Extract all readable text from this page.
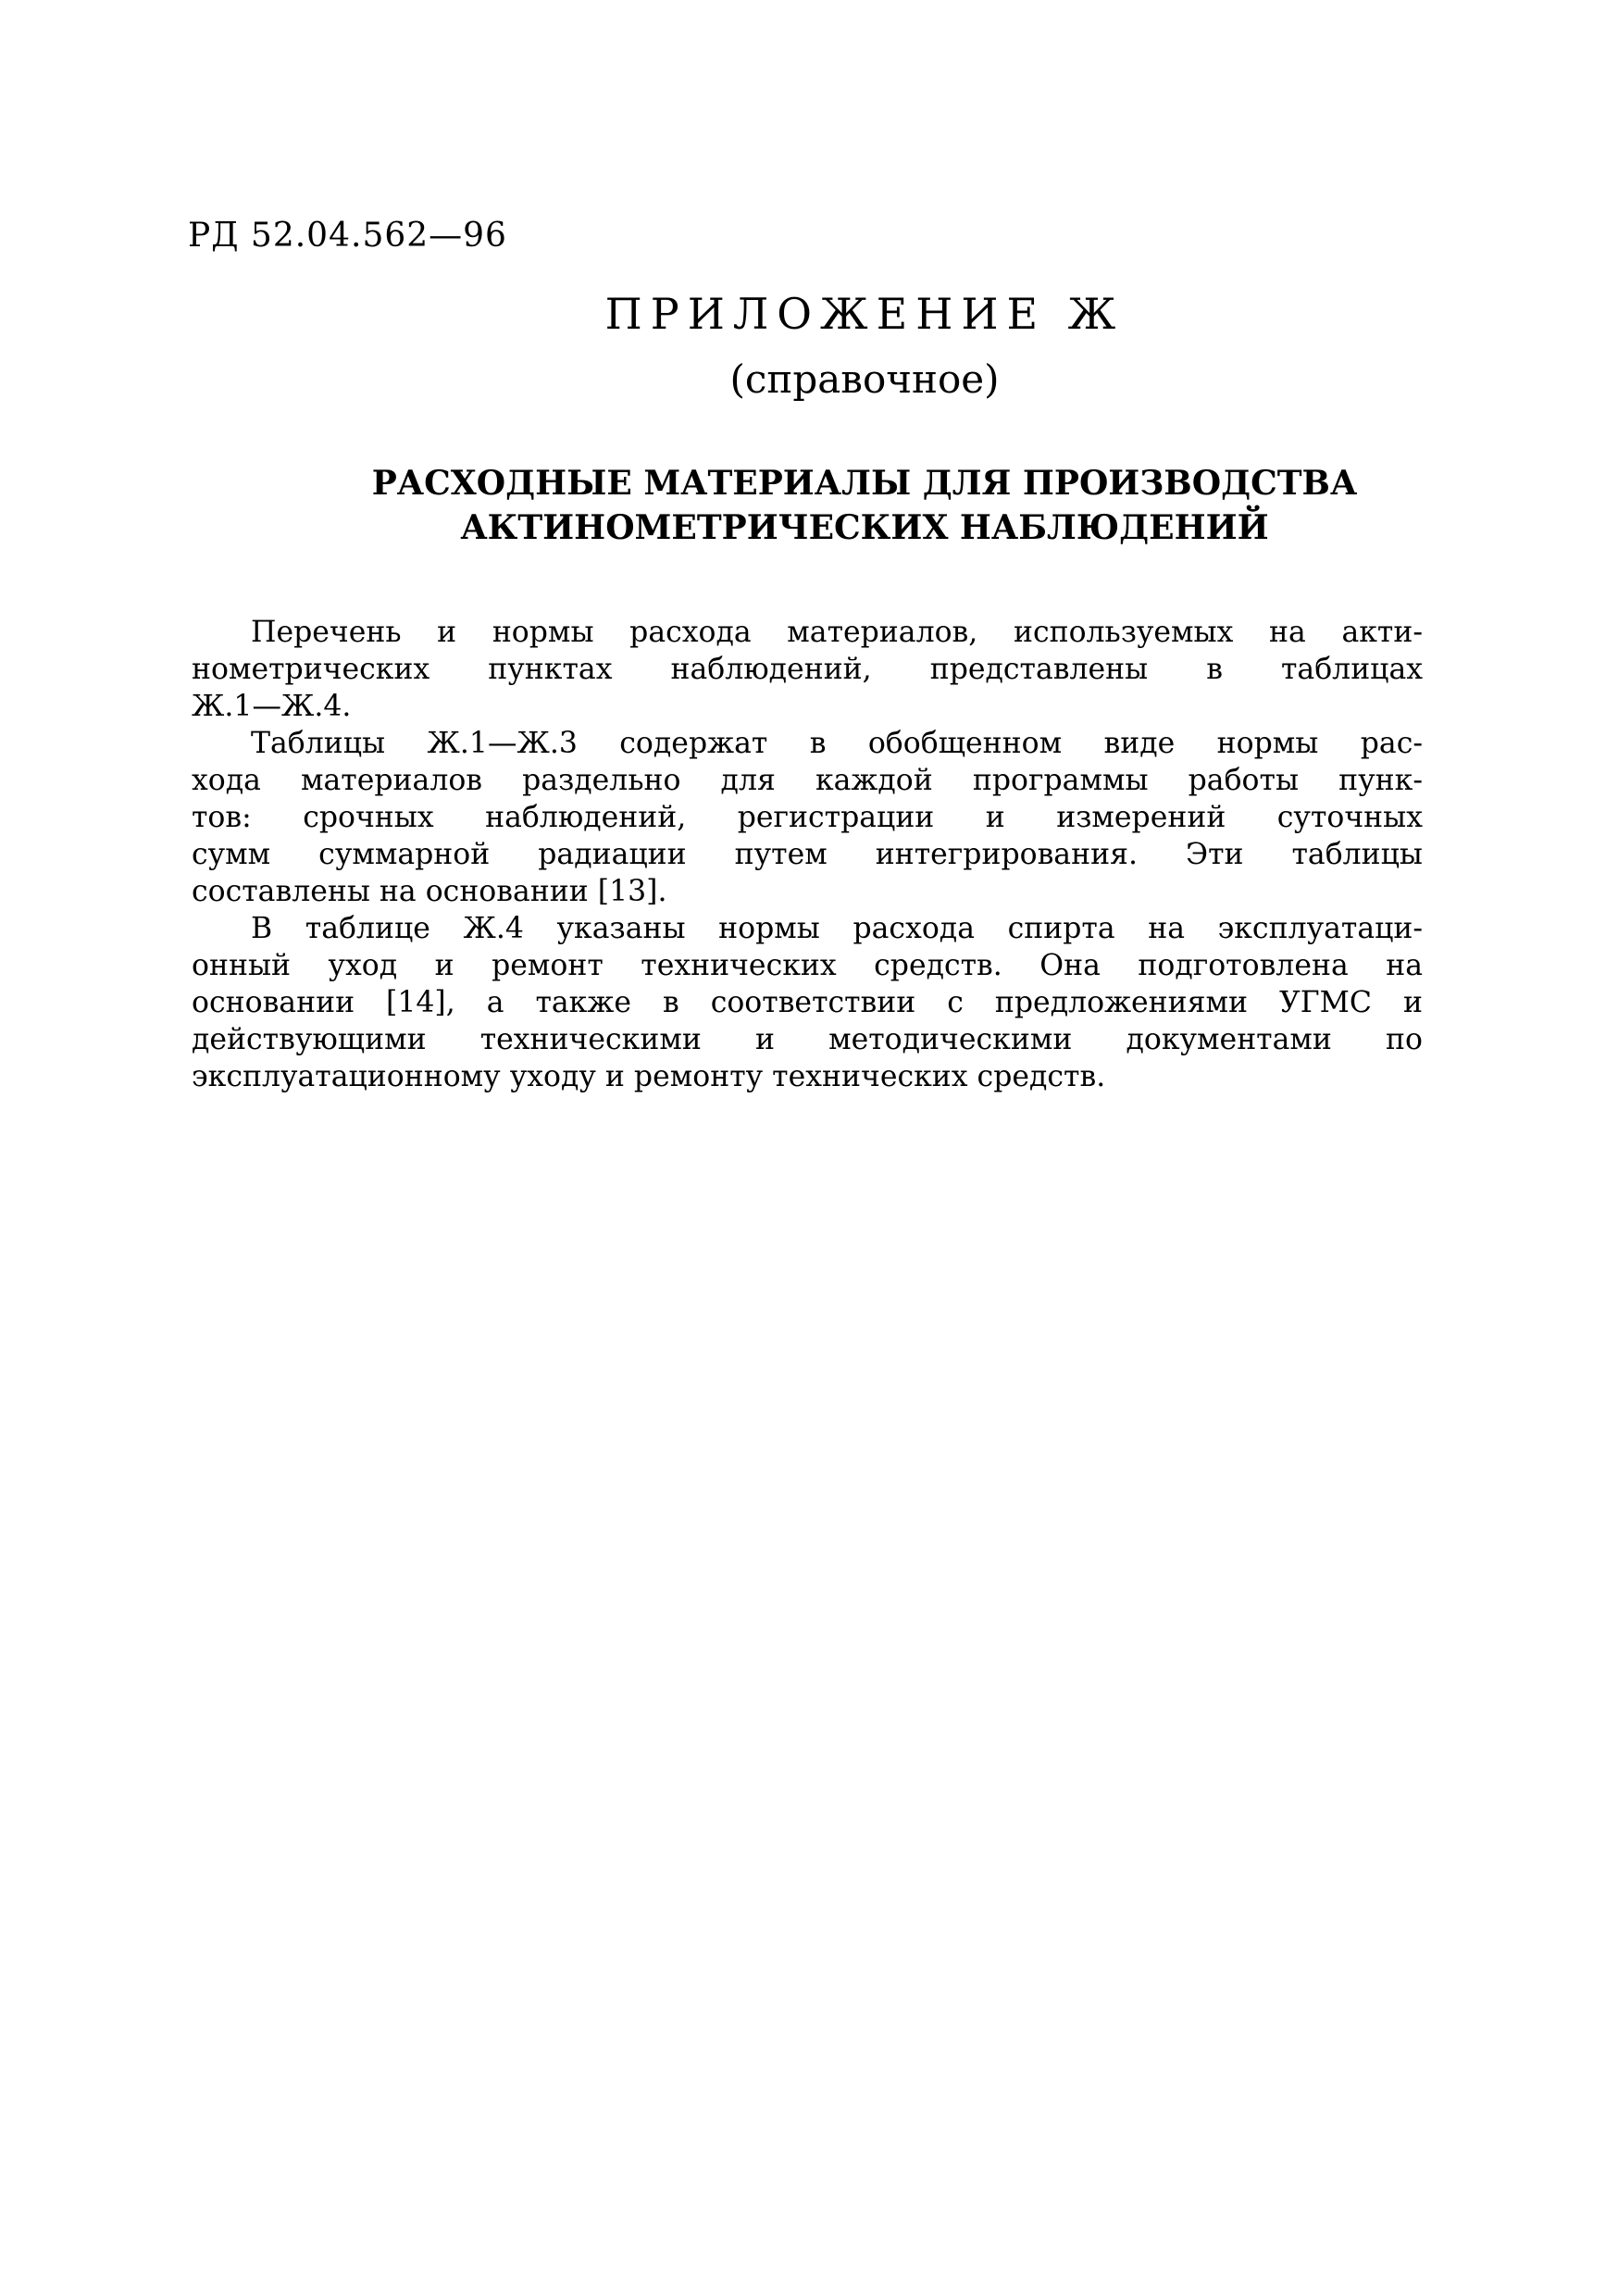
РД 52.04.562—96
ПРИЛОЖЕНИЕ Ж
(справочное)
РАСХОДНЫЕ МАТЕРИАЛЫ ДЛЯ ПРОИЗВОДСТВА
АКТИНОМЕТРИЧЕСКИХ НАБЛЮДЕНИЙ
Перечень и нормы расхода материалов, используемых на акти-
нометрических пунктах наблюдений, представлены в таблицах
Ж.1—Ж.4.
Таблицы Ж.1—Ж.3 содержат в обобщенном виде нормы рас-
хода материалов раздельно для каждой программы работы пунк-
тов: срочных наблюдений, регистрации и измерений суточных
сумм суммарной радиации путем интегрирования. Эти таблицы
составлены на основании [13].
В таблице Ж.4 указаны нормы расхода спирта на эксплуатаци-
онный уход и ремонт технических средств. Она подготовлена на
основании [14], а также в соответствии с предложениями УГМС и
действующими техническими и методическими документами по
эксплуатационному уходу и ремонту технических средств.
